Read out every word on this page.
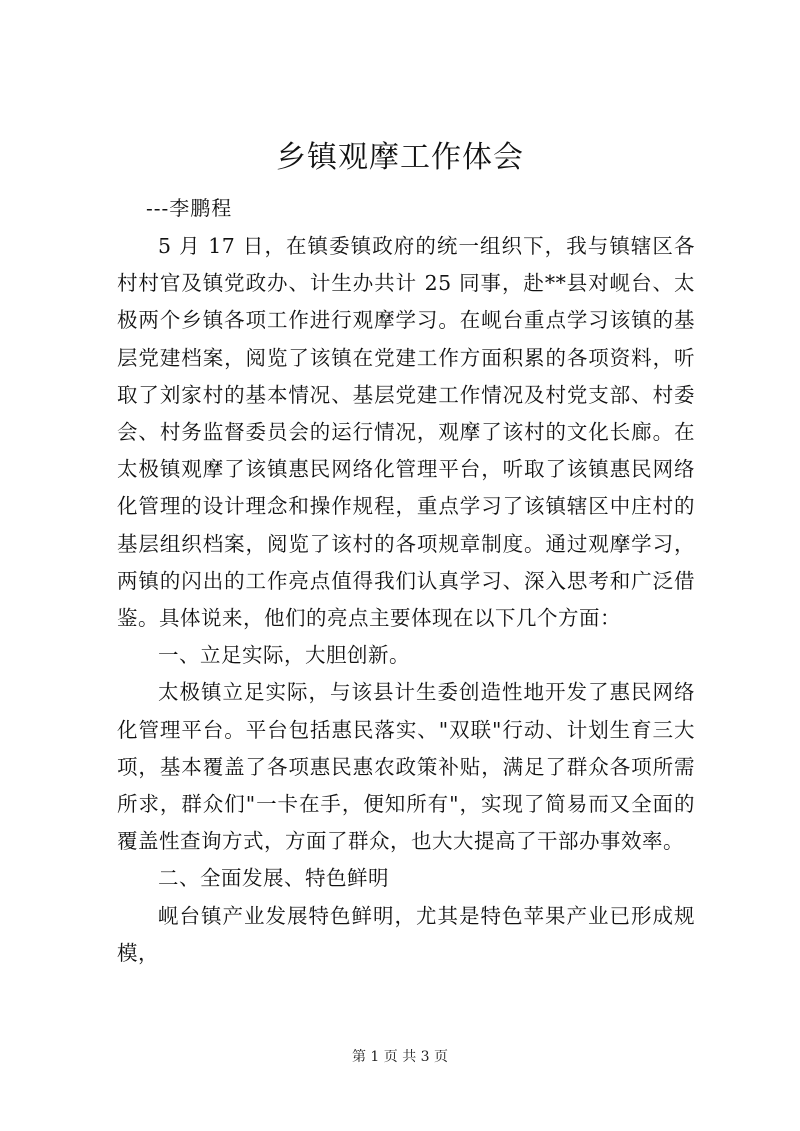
乡镇观摩工作体会
---李鹏程

5 月 17 日，在镇委镇政府的统一组织下，我与镇辖区各村村官及镇党政办、计生办共计 25 同事，赴**县对岘台、太极两个乡镇各项工作进行观摩学习。在岘台重点学习该镇的基层党建档案，阅览了该镇在党建工作方面积累的各项资料，听取了刘家村的基本情况、基层党建工作情况及村党支部、村委会、村务监督委员会的运行情况，观摩了该村的文化长廊。在太极镇观摩了该镇惠民网络化管理平台，听取了该镇惠民网络化管理的设计理念和操作规程，重点学习了该镇辖区中庄村的基层组织档案，阅览了该村的各项规章制度。通过观摩学习，两镇的闪出的工作亮点值得我们认真学习、深入思考和广泛借鉴。具体说来，他们的亮点主要体现在以下几个方面：

一、立足实际，大胆创新。

太极镇立足实际，与该县计生委创造性地开发了惠民网络化管理平台。平台包括惠民落实、"双联"行动、计划生育三大项，基本覆盖了各项惠民惠农政策补贴，满足了群众各项所需所求，群众们"一卡在手，便知所有"，实现了简易而又全面的覆盖性查询方式，方面了群众，也大大提高了干部办事效率。

二、全面发展、特色鲜明

岘台镇产业发展特色鲜明，尤其是特色苹果产业已形成规模，

第 1 页 共 3 页
